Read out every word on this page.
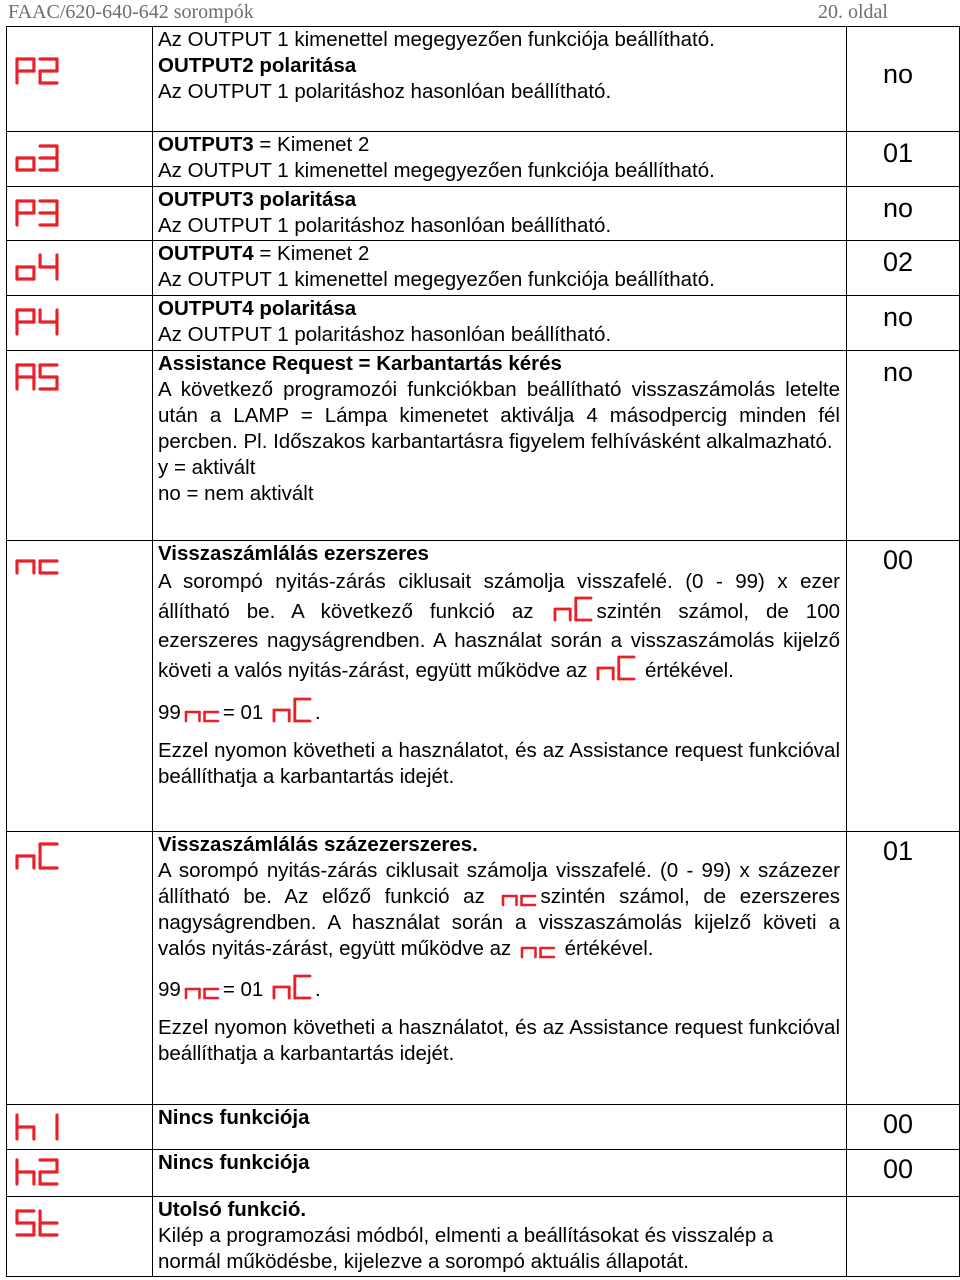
FAAC/620-640-642 sorompók	20. oldal

Az OUTPUT 1 kimenettel megegyezően funkciója beállítható.

OUTPUT2 polaritása

Az OUTPUT 1 polaritáshoz hasonlóan beállítható.	no

OUTPUT3 = Kimenet 2

Az OUTPUT 1 kimenettel megegyezően funkciója beállítható.	01

OUTPUT3 polaritása

Az OUTPUT 1 polaritáshoz hasonlóan beállítható.	no

OUTPUT4 = Kimenet 2

Az OUTPUT 1 kimenettel megegyezően funkciója beállítható.	02

OUTPUT4 polaritása

Az OUTPUT 1 polaritáshoz hasonlóan beállítható.	no

Assistance Request = Karbantartás kérés

A következő programozói funkciókban beállítható visszaszámolás letelte után a LAMP = Lámpa kimenetet aktiválja 4 másodpercig minden fél percben. Pl. Időszakos karbantartásra figyelem felhívásként alkalmazható.

y = aktivált

no = nem aktivált	no

Visszaszámlálás ezerszeres

A sorompó nyitás-zárás ciklusait számolja visszafelé. (0 - 99) x ezer állítható be. A következő funkció az szintén számol, de 100 ezerszeres nagyságrendben. A használat során a visszaszámolás kijelző követi a valós nyitás-zárást, együtt működve az értékével.

99 = 01 .

Ezzel nyomon követheti a használatot, és az Assistance request funkcióval beállíthatja a karbantartás idejét.	00

Visszaszámlálás százezerszeres.

A sorompó nyitás-zárás ciklusait számolja visszafelé. (0 - 99) x százezer állítható be. Az előző funkció az szintén számol, de ezerszeres nagyságrendben. A használat során a visszaszámolás kijelző követi a valós nyitás-zárást, együtt működve az értékével.

99 = 01 .

Ezzel nyomon követheti a használatot, és az Assistance request funkcióval beállíthatja a karbantartás idejét.	01

Nincs funkciója	00

Nincs funkciója	00

Utolsó funkció.

Kilép a programozási módból, elmenti a beállításokat és visszalép a normál működésbe, kijelezve a sorompó aktuális állapotát.	
